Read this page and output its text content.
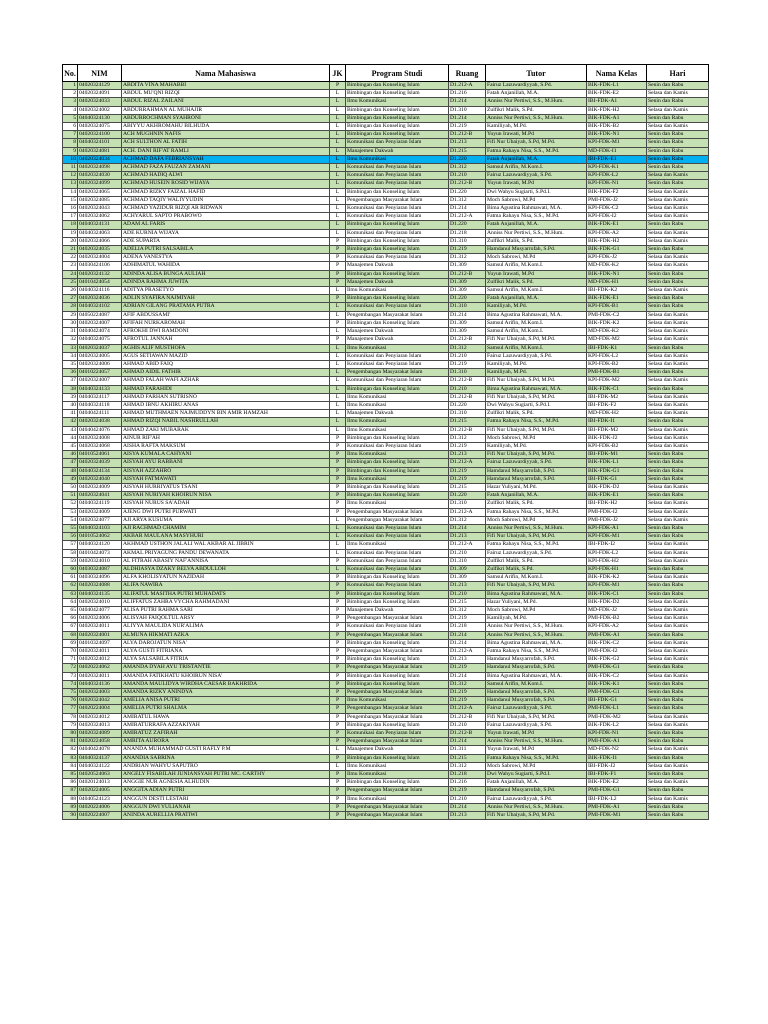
No.	NIM	Nama Mahasiswa	JK	Program Studi	Ruang	Tutor	Nama Kelas	Hari
1	04020324129	ABDITA VINA MAHABBI	P	Bimbingan dan Konseling Islam	D1.212-A	Fairuz Lazuwardiyyah, S.Pd.	BIK-FDK-L1	Senin dan Rabu
2	04020324091	ABDUL MU'QNI RIZQI	L	Bimbingan dan Konseling Islam	D1.216	Fatah Anjanillah, M.A.	BIK-FDK-E2	Selasa dan Kamis
3	04020324033	ABDUL RIZAL ZAILANI	L	Ilmu Komunikasi	D1.214	Anniss Nur Pertiwi, S.S., M.Hum.	IBI-FDK-A1	Senin dan Rabu
4	04020324002	ABDURRAHMAN AL MUHAJIR	L	Bimbingan dan Konseling Islam	D1.310	Zulfikri Malik, S.Pd.	BIK-FDK-H2	Selasa dan Kamis
5	04040324130	ABDURROCHMAN SYAHRONI	L	Bimbingan dan Konseling Islam	D1.214	Anniss Nur Pertiwi, S.S., M.Hum.	BIK-FDK-A1	Senin dan Rabu
6	04020324075	ABIYYU AKHROMAHU BILHUDA	L	Bimbingan dan Konseling Islam	D1.219	Kamiliyah, M.Pd.	BIK-FDK-B2	Selasa dan Kamis
7	04020324100	ACH MUGHNIN NAFIS	L	Bimbingan dan Konseling Islam	D1.212-B	Yuyun Irawati, M.Pd	BIK-FDK-N1	Senin dan Rabu
8	04040324101	ACH SULTHON AL FATIH	L	Komunikasi dan Penyiaran Islam	D1.213	Fifi Nur Ubaiyah, S.Pd, M.Pd.	KPI-FDK-M1	Senin dan Rabu
9	04020324081	ACH. DANI RIF'AT RAMLI	L	Manajemen Dakwah	D1.215	Fatma Rahayu Nisa, S.S., M.Pd.	MD-FDK-I1	Senin dan Rabu
10	04020324034	ACHMAD DAFA FEBRIANSYAH	L	Ilmu Komunikasi	D1.220	Fatah Anjanillah, M.A.	IBI-FDK-E1	Senin dan Rabu
11	04020324098	ACHMAD FAZA FAUZAN ZAMANI	L	Komunikasi dan Penyiaran Islam	D1.312	Samsul Arifin, M.Kom.I.	KPI-FDK-K1	Senin dan Rabu
12	04020324030	ACHMAD HADIQ ALWI	L	Komunikasi dan Penyiaran Islam	D1.210	Fairuz Lazuwardiyyah, S.Pd.	KPI-FDK-L2	Selasa dan Kamis
13	04020324099	ACHMAD HUSEIN ROSID WIJAYA	L	Komunikasi dan Penyiaran Islam	D1.212-B	Yuyun Irawati, M.Pd	KPI-FDK-N1	Senin dan Rabu
14	04020324065	ACHMAD RIZKY FAIZAL HAFID	L	Bimbingan dan Konseling Islam	D1.220	Dwi Wahyu Sugiarti, S.Pd.I.	BIK-FDK-F2	Selasa dan Kamis
15	04020324085	ACHMAD TAQIY WALIYYUDIN	L	Pengembangan Masyarakat Islam	D1.312	Moch Sabrowi, M.Pd	PMI-FDK-J2	Selasa dan Kamis
16	04020324043	ACHMAD YAZIDUR RIZQI AR RIDWAN	L	Komunikasi dan Penyiaran Islam	D1.214	Bima Agustina Rahmawati, M.A.	KPI-FDK-C2	Selasa dan Kamis
17	04020324062	ACHYARUL SAPTO PRABOWO	L	Komunikasi dan Penyiaran Islam	D1.212-A	Fatma Rahayu Nisa, S.S., M.Pd.	KPI-FDK-I2	Selasa dan Kamis
18	04040324131	ADAM AL FARIS	L	Bimbingan dan Konseling Islam	D1.220	Fatah Anjanillah, M.A.	BIK-FDK-E1	Senin dan Rabu
19	04040324063	ADE KURNIA WIJAYA	L	Komunikasi dan Penyiaran Islam	D1.218	Anniss Nur Pertiwi, S.S., M.Hum.	KPI-FDK-A2	Selasa dan Kamis
20	04020324066	ADE SUPARTA	P	Bimbingan dan Konseling Islam	D1.310	Zulfikri Malik, S.Pd.	BIK-FDK-H2	Selasa dan Kamis
21	04020324035	ADELIA PUTRI SALSABILA	P	Bimbingan dan Konseling Islam	D1.219	Hamdanul Musyarrofah, S.Pd.	BIK-FDK-G1	Senin dan Rabu
22	04020324004	ADENA VANESTYA	P	Komunikasi dan Penyiaran Islam	D1.312	Moch Sabrowi, M.Pd	KPI-FDK-J2	Selasa dan Kamis
23	04030424106	ADHIMATUL WAHIDA	P	Manajemen Dakwah	D1.309	Samsul Arifin, M.Kom.I.	MD-FDK-K2	Selasa dan Kamis
24	04020324132	ADINDA ALISA BUNGA AULIAH	P	Bimbingan dan Konseling Islam	D1.212-B	Yuyun Irawati, M.Pd	BIK-FDK-N1	Senin dan Rabu
25	04010424054	ADINDA RAHMA JUWITA	P	Manajemen Dakwah	D1.309	Zulfikri Malik, S.Pd.	MD-FDK-H1	Senin dan Rabu
26	04040324116	ADITYA PRASETYO	L	Ilmu Komunikasi	D1.309	Samsul Arifin, M.Kom.I.	IBI-FDK-K2	Selasa dan Kamis
27	04020324036	ADLIN SYAFIRA NAJMIYAH	P	Bimbingan dan Konseling Islam	D1.220	Fatah Anjanillah, M.A.	BIK-FDK-E1	Senin dan Rabu
28	04040324102	ADRIAN GILANG PRATAMA PUTRA	L	Komunikasi dan Penyiaran Islam	D1.310	Kamiliyah, M.Pd.	KPI-FDK-B1	Senin dan Rabu
29	04050224087	AFIF ABDUSSAMI'	L	Pengembangan Masyarakat Islam	D1.214	Bima Agustina Rahmawati, M.A.	PMI-FDK-C2	Selasa dan Kamis
30	04020324007	AFIFAH NURKAROMAH	P	Bimbingan dan Konseling Islam	D1.309	Samsul Arifin, M.Kom.I.	BIK-FDK-K2	Selasa dan Kamis
31	04040424074	AFROKHI DWI RAMDONI	L	Manajemen Dakwah	D1.309	Samsul Arifin, M.Kom.I.	MD-FDK-K2	Selasa dan Kamis
32	04040324075	AFROTUL JANNAH	P	Manajemen Dakwah	D1.212-B	Fifi Nur Ubaiyah, S.Pd, M.Pd.	MD-FDK-M2	Selasa dan Kamis
33	04020324037	AGHIS ALIF MUSTHOFA	L	Ilmu Komunikasi	D1.312	Samsul Arifin, M.Kom.I.	IBI-FDK-K1	Senin dan Rabu
34	04020324005	AGUS SETIAWAN MAZID	L	Komunikasi dan Penyiaran Islam	D1.210	Fairuz Lazuwardiyyah, S.Pd.	KPI-FDK-L2	Selasa dan Kamis
35	04020324006	AHMAD ABID FAIQ	L	Komunikasi dan Penyiaran Islam	D1.219	Kamiliyah, M.Pd.	KPI-FDK-B2	Selasa dan Kamis
36	04010224057	AHMAD AIDIL FATHIR	L	Pengembangan Masyarakat Islam	D1.310	Kamiliyah, M.Pd.	PMI-FDK-B1	Senin dan Rabu
37	04020324007	AHMAD FALAH WAFI AZHAR	L	Komunikasi dan Penyiaran Islam	D1.212-B	Fifi Nur Ubaiyah, S.Pd, M.Pd.	KPI-FDK-M2	Selasa dan Kamis
38	04040324133	AHMAD FARAHIDI	L	Bimbingan dan Konseling Islam	D1.210	Bima Agustina Rahmawati, M.A.	BIK-FDK-C1	Senin dan Rabu
39	04040324117	AHMAD FARHAN SUTRISNO	L	Ilmu Komunikasi	D1.212-B	Fifi Nur Ubaiyah, S.Pd, M.Pd.	IBI-FDK-M2	Selasa dan Kamis
40	04040324118	AHMAD IBNU AKHIRU ANAS	L	Ilmu Komunikasi	D1.220	Dwi Wahyu Sugiarti, S.Pd.I.	IBI-FDK-F2	Selasa dan Kamis
41	04040424111	AHMAD MUTHMAEN NAJMUDDYN BIN AMIR HAMZAH	L	Manajemen Dakwah	D1.310	Zulfikri Malik, S.Pd.	MD-FDK-H2	Selasa dan Kamis
42	04020324038	AHMAD RIZQI NABIL NASHRULLAH	L	Ilmu Komunikasi	D1.215	Fatma Rahayu Nisa, S.S., M.Pd.	IBI-FDK-I1	Senin dan Rabu
43	04040424076	AHMAD ZAKI MUBARAK	L	Ilmu Komunikasi	D1.212-B	Fifi Nur Ubaiyah, S.Pd, M.Pd.	IBI-FDK-M2	Selasa dan Kamis
44	04020324008	AINUR RIF'AH	P	Bimbingan dan Konseling Islam	D1.312	Moch Sabrowi, M.Pd	BIK-FDK-J2	Selasa dan Kamis
45	04020324068	AISHA RAFTA MAKSUM	P	Komunikasi dan Penyiaran Islam	D1.219	Kamiliyah, M.Pd.	KPI-FDK-B2	Selasa dan Kamis
46	04010524061	AISYA KUMALA CAHYANI	P	Ilmu Komunikasi	D1.213	Fifi Nur Ubaiyah, S.Pd, M.Pd.	IBI-FDK-M1	Senin dan Rabu
47	04020324039	AISYAH AYU RABBANI	P	Bimbingan dan Konseling Islam	D1.212-A	Fairuz Lazuwardiyyah, S.Pd.	BIK-FDK-L1	Senin dan Rabu
48	04040324134	AISYAH AZZAHRO	P	Bimbingan dan Konseling Islam	D1.219	Hamdanul Musyarrofah, S.Pd.	BIK-FDK-G1	Senin dan Rabu
49	04020324040	AISYAH FATMAWATI	P	Ilmu Komunikasi	D1.219	Hamdanul Musyarrofah, S.Pd.	IBI-FDK-G1	Senin dan Rabu
50	04020324009	AISYAH HURRIYATUS TSANI	P	Bimbingan dan Konseling Islam	D1.215	Hazar Yuliyani, M.Pd.	BIK-FDK-D2	Selasa dan Kamis
51	04020324041	AISYAH NURIYAH KHOIRUN NISA	P	Bimbingan dan Konseling Islam	D1.220	Fatah Anjanillah, M.A.	BIK-FDK-E1	Senin dan Rabu
52	04040324119	AISYAH NURUS SA'ADAH	P	Ilmu Komunikasi	D1.310	Zulfikri Malik, S.Pd.	IBI-FDK-H2	Selasa dan Kamis
53	04020324009	AJENG DWI PUTRI PURWATI	P	Pengembangan Masyarakat Islam	D1.212-A	Fatma Rahayu Nisa, S.S., M.Pd.	PMI-FDK-I2	Selasa dan Kamis
54	04020324077	AJI ARYA KUSUMA	L	Pengembangan Masyarakat Islam	D1.312	Moch Sabrowi, M.Pd	PMI-FDK-J2	Selasa dan Kamis
55	04040324103	AJI RACHMAD CHAMIM	L	Komunikasi dan Penyiaran Islam	D1.214	Anniss Nur Pertiwi, S.S., M.Hum.	KPI-FDK-A1	Senin dan Rabu
56	04010524062	AKBAR MAULANA MASYHURI	L	Komunikasi dan Penyiaran Islam	D1.213	Fifi Nur Ubaiyah, S.Pd, M.Pd.	KPI-FDK-M1	Senin dan Rabu
57	04040324120	AKHMAD USTHON JALALI WAL AKBAR AL JIBRIN	L	Ilmu Komunikasi	D1.212-A	Fatma Rahayu Nisa, S.S., M.Pd.	IBI-FDK-I2	Selasa dan Kamis
58	04010424073	AKMAL PRIYAGUNG PANDU DEWANATA	L	Komunikasi dan Penyiaran Islam	D1.210	Fairuz Lazuwardiyyah, S.Pd.	KPI-FDK-L2	Selasa dan Kamis
59	04020324010	AL FITRAH ABASIY NAF'ANNISA	P	Komunikasi dan Penyiaran Islam	D1.310	Zulfikri Malik, S.Pd.	KPI-FDK-H2	Selasa dan Kamis
60	04030324087	ALDHIASYA DZAKY BELVA ABDULLOH	L	Komunikasi dan Penyiaran Islam	D1.309	Zulfikri Malik, S.Pd.	KPI-FDK-H1	Senin dan Rabu
61	04030324096	ALFA KHOLISYATUN NAZIDAH	P	Bimbingan dan Konseling Islam	D1.309	Samsul Arifin, M.Kom.I.	BIK-FDK-K2	Selasa dan Kamis
62	04020324088	ALIFA NAWIRA	P	Komunikasi dan Penyiaran Islam	D1.213	Fifi Nur Ubaiyah, S.Pd, M.Pd.	KPI-FDK-M1	Senin dan Rabu
63	04040324135	ALIFATUL MASITHA PUTRI MUHADATS	P	Bimbingan dan Konseling Islam	D1.210	Bima Agustina Rahmawati, M.A.	BIK-FDK-C1	Senin dan Rabu
64	04020324010	ALIFFATUS ZAHRA VYCHA RAHMADANI	P	Bimbingan dan Konseling Islam	D1.215	Hazar Yuliyani, M.Pd.	BIK-FDK-D2	Selasa dan Kamis
65	04040424077	ALISA PUTRI RAHMA SARI	P	Manajemen Dakwah	D1.312	Moch Sabrowi, M.Pd	MD-FDK-J2	Selasa dan Kamis
66	04020324006	ALISYAH FAIQOLTUL ARSY	P	Pengembangan Masyarakat Islam	D1.219	Kamiliyah, M.Pd.	PMI-FDK-B2	Selasa dan Kamis
67	04020324011	ALIYYA MAULIDA NUR'ALIMA	P	Komunikasi dan Penyiaran Islam	D1.218	Anniss Nur Pertiwi, S.S., M.Hum.	KPI-FDK-A2	Selasa dan Kamis
68	04020324001	ALMUNA HIKMATI AZKA	P	Pengembangan Masyarakat Islam	D1.214	Anniss Nur Pertiwi, S.S., M.Hum.	PMI-FDK-A1	Senin dan Rabu
69	04010324097	ALYA DAROJATUN NISA'	P	Bimbingan dan Konseling Islam	D1.214	Bima Agustina Rahmawati, M.A.	BIK-FDK-C2	Selasa dan Kamis
70	04020324011	ALYA GUSTI FITRIANA	P	Pengembangan Masyarakat Islam	D1.212-A	Fatma Rahayu Nisa, S.S., M.Pd.	PMI-FDK-I2	Selasa dan Kamis
71	04020324012	ALYA SALSABILA FITRIA	P	Bimbingan dan Konseling Islam	D1.213	Hamdanul Musyarrofah, S.Pd.	BIK-FDK-G2	Selasa dan Kamis
72	04020224062	AMANDA DYAH AYU TRISTANTIE	P	Pengembangan Masyarakat Islam	D1.219	Hamdanul Musyarrofah, S.Pd.	PMI-FDK-G1	Senin dan Rabu
73	04020324011	AMANDA FATIKHATU KHOIRUN NISA'	P	Bimbingan dan Konseling Islam	D1.214	Bima Agustina Rahmawati, M.A.	BIK-FDK-C2	Selasa dan Kamis
74	04040324136	AMANDA MAULIDYA WIRDHA CAESAR BAKHRIDA	P	Bimbingan dan Konseling Islam	D1.312	Samsul Arifin, M.Kom.I.	BIK-FDK-K1	Senin dan Rabu
75	04020324003	AMANDA RIZKY ANINDYA	P	Pengembangan Masyarakat Islam	D1.219	Hamdanul Musyarrofah, S.Pd.	PMI-FDK-G1	Senin dan Rabu
76	04020324042	AMELIA ANISA PUTRI	P	Ilmu Komunikasi	D1.219	Hamdanul Musyarrofah, S.Pd.	IBI-FDK-G1	Senin dan Rabu
77	04020224004	AMELIA PUTRI SHALMA	P	Pengembangan Masyarakat Islam	D1.212-A	Fairuz Lazuwardiyyah, S.Pd.	PMI-FDK-L1	Senin dan Rabu
78	04020324012	AMIRATUL HAWA	P	Pengembangan Masyarakat Islam	D1.212-B	Fifi Nur Ubaiyah, S.Pd, M.Pd.	PMI-FDK-M2	Selasa dan Kamis
79	04020324013	AMIRATURRAFA AZZAKIYAH	P	Bimbingan dan Konseling Islam	D1.210	Fairuz Lazuwardiyyah, S.Pd.	BIK-FDK-L2	Selasa dan Kamis
80	04020324089	AMIRATUZ ZAFIRAH	P	Komunikasi dan Penyiaran Islam	D1.212-B	Yuyun Irawati, M.Pd	KPI-FDK-N1	Senin dan Rabu
81	04020224058	AMRITA AURORA	P	Pengembangan Masyarakat Islam	D1.214	Anniss Nur Pertiwi, S.S., M.Hum.	PMI-FDK-A1	Senin dan Rabu
82	04040424078	ANANDA MUHAMMAD GUSTI RAFLY P.M	L	Manajemen Dakwah	D1.311	Yuyun Irawati, M.Pd	MD-FDK-N2	Selasa dan Kamis
83	04040324137	ANANDIA SABRINA	P	Bimbingan dan Konseling Islam	D1.215	Fatma Rahayu Nisa, S.S., M.Pd.	BIK-FDK-I1	Senin dan Rabu
84	04040324122	ANDRIAN WAHYU SAPUTRO	L	Ilmu Komunikasi	D1.312	Moch Sabrowi, M.Pd	IBI-FDK-J2	Selasa dan Kamis
85	04020524063	ANGELY FISABILAH JUNIANSYAH PUTRI MC. CARTHY	P	Ilmu Komunikasi	D1.218	Dwi Wahyu Sugiarti, S.Pd.I.	IBI-FDK-F1	Senin dan Rabu
86	04020124013	ANGGIE NUR AGNESIA ALHUDIN	P	Bimbingan dan Konseling Islam	D1.216	Fatah Anjanillah, M.A.	BIK-FDK-E2	Selasa dan Kamis
87	04020224005	ANGGITA ADIAN PUTRI	P	Pengembangan Masyarakat Islam	D1.219	Hamdanul Musyarrofah, S.Pd.	PMI-FDK-G1	Senin dan Rabu
88	04040524123	ANGGUN DESTI LESTARI	P	Ilmu Komunikasi	D1.210	Fairuz Lazuwardiyyah, S.Pd.	IBI-FDK-L2	Selasa dan Kamis
89	04020224006	ANGGUN DWI YULIANAH	P	Pengembangan Masyarakat Islam	D1.214	Anniss Nur Pertiwi, S.S., M.Hum.	PMI-FDK-A1	Senin dan Rabu
90	04020224007	ANINDA AURELLIA PRATIWI	P	Pengembangan Masyarakat Islam	D1.213	Fifi Nur Ubaiyah, S.Pd, M.Pd.	PMI-FDK-M1	Senin dan Rabu
